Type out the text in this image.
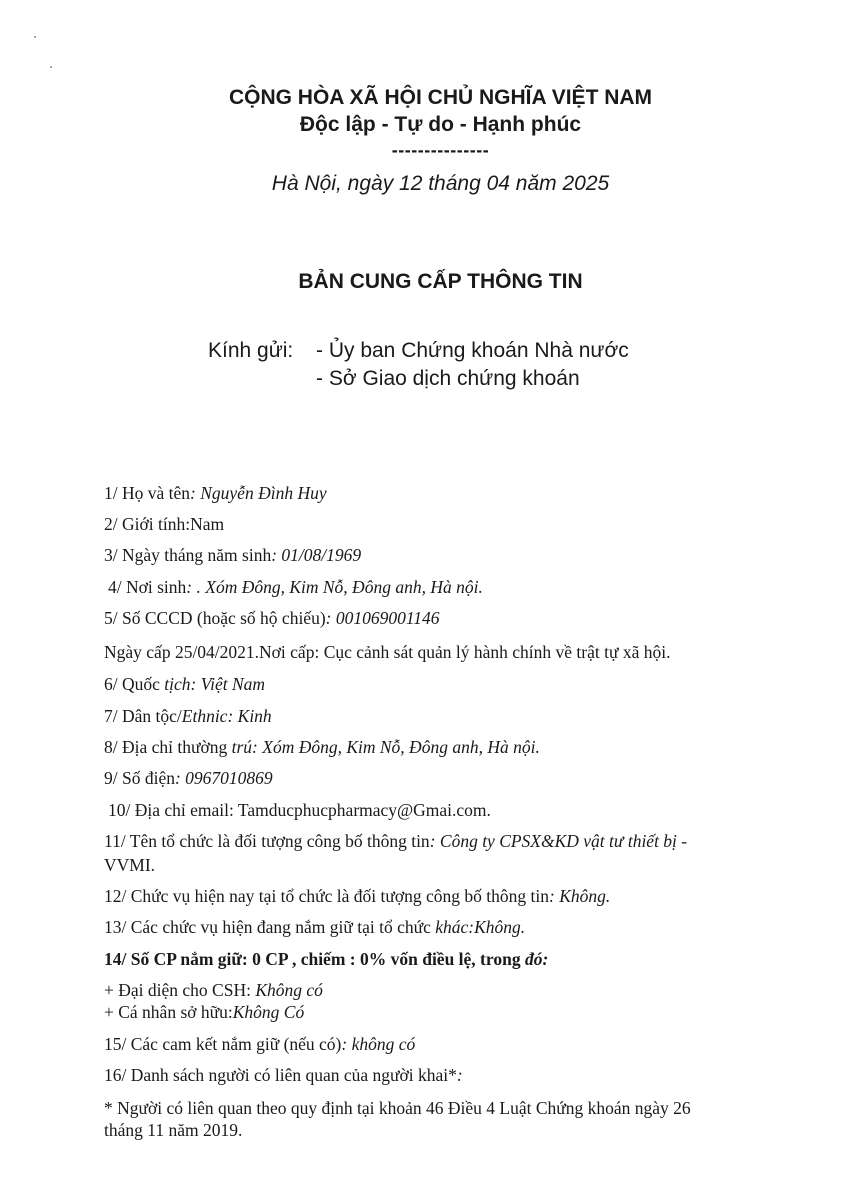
CỘNG HÒA XÃ HỘI CHỦ NGHĨA VIỆT NAM
Độc lập - Tự do - Hạnh phúc
---------------
Hà Nội, ngày 12 tháng 04 năm 2025
BẢN CUNG CẤP THÔNG TIN
Kính gửi: - Ủy ban Chứng khoán Nhà nước
- Sở Giao dịch chứng khoán
1/ Họ và tên: Nguyễn Đình Huy
2/ Giới tính:Nam
3/ Ngày tháng năm sinh: 01/08/1969
4/ Nơi sinh: . Xóm Đông, Kim Nỗ, Đông anh, Hà nội.
5/ Số CCCD (hoặc số hộ chiếu): 001069001146
Ngày cấp 25/04/2021.Nơi cấp: Cục cảnh sát quản lý hành chính về trật tự xã hội.
6/ Quốc tịch: Việt Nam
7/ Dân tộc/Ethnic: Kinh
8/ Địa chỉ thường trú: Xóm Đông, Kim Nỗ, Đông anh, Hà nội.
9/ Số điện: 0967010869
10/ Địa chỉ email: Tamducphucpharmacy@Gmai.com.
11/ Tên tổ chức là đối tượng công bố thông tin: Công ty CPSX&KD vật tư thiết bị -
VVMI.
12/ Chức vụ hiện nay tại tổ chức là đối tượng công bố thông tin: Không.
13/ Các chức vụ hiện đang nắm giữ tại tổ chức khác:Không.
14/ Số CP nắm giữ: 0 CP , chiếm : 0% vốn điều lệ, trong đó:
+ Đại diện cho CSH: Không có
+ Cá nhân sở hữu:Không Có
15/ Các cam kết nắm giữ (nếu có): không có
16/ Danh sách người có liên quan của người khai*:
* Người có liên quan theo quy định tại khoản 46 Điều 4 Luật Chứng khoán ngày 26
tháng 11 năm 2019.
